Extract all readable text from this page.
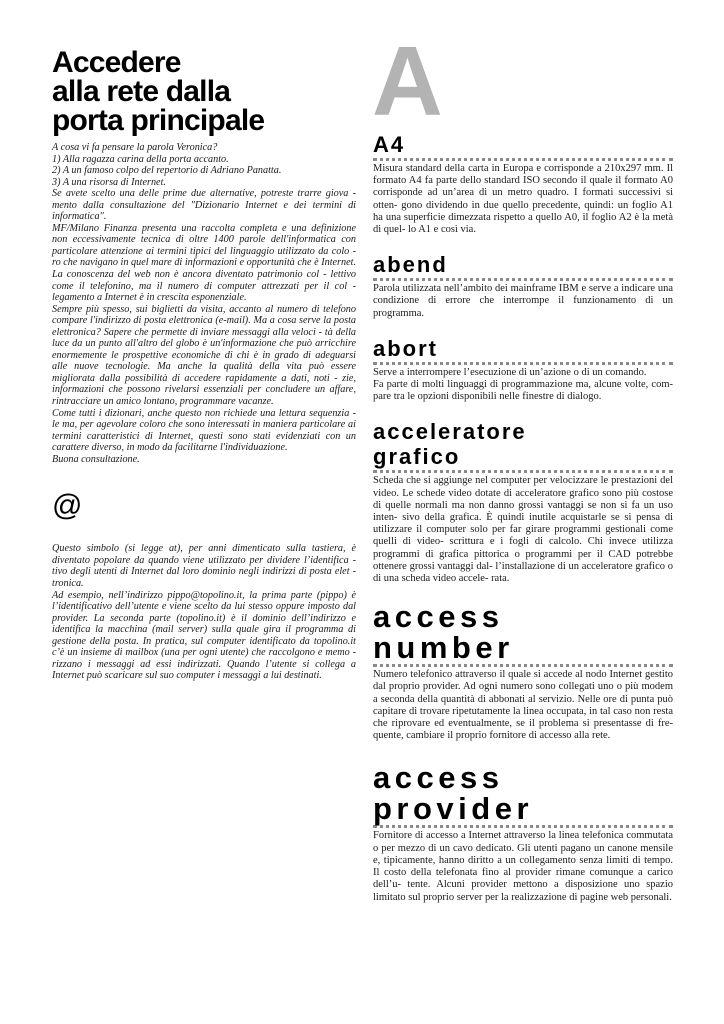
Accedere
alla rete dalla
porta principale
A cosa vi fa pensare la parola Veronica?
1) Alla ragazza carina della porta accanto.
2) A un famoso colpo del repertorio di Adriano Panatta.
3) A una risorsa di Internet.
Se avete scelto una delle prime due alternative, potreste trarre giova - mento dalla consultazione del "Dizionario Internet e dei termini di informatica".
MF/Milano Finanza presenta una raccolta completa e una definizione non eccessivamente tecnica di oltre 1400 parole dell'informatica con particolare attenzione ai termini tipici del linguaggio utilizzato da colo - ro che navigano in quel mare di informazioni e opportunità che è Internet. La conoscenza del web non è ancora diventato patrimonio col - lettivo come il telefonino, ma il numero di computer attrezzati per il col - legamento a Internet è in crescita esponenziale.
Sempre più spesso, sui biglietti da visita, accanto al numero di telefono compare l'indirizzo di posta elettronica (e-mail). Ma a cosa serve la posta elettronica? Sapere che permette di inviare messaggi alla veloci - tà della luce da un punto all'altro del globo è un'informazione che può arricchire enormemente le prospettive economiche di chi è in grado di adeguarsi alle nuove tecnologie. Ma anche la qualità della vita può essere migliorata dalla possibilità di accedere rapidamente a dati, noti - zie, informazioni che possono rivelarsi essenziali per concludere un affare, rintracciare un amico lontano, programmare vacanze.
Come tutti i dizionari, anche questo non richiede una lettura sequenzia - le ma, per agevolare coloro che sono interessati in maniera particolare ai termini caratteristici di Internet, questi sono stati evidenziati con un carattere diverso, in modo da facilitarne l'individuazione.
Buona consultazione.
@
Questo simbolo (si legge at), per anni dimenticato sulla tastiera, è diventato popolare da quando viene utilizzato per dividere l’identifica - tivo degli utenti di Internet dal loro dominio negli indirizzi di posta elet - tronica.
Ad esempio, nell’indirizzo pippo@topolino.it, la prima parte (pippo) è l’identificativo dell’utente e viene scelto da lui stesso oppure imposto dal provider. La seconda parte (topolino.it) è il dominio dell’indirizzo e identifica la macchina (mail server) sulla quale gira il programma di gestione della posta. In pratica, sul computer identificato da topolino.it c’è un insieme di mailbox (una per ogni utente) che raccolgono e memo - rizzano i messaggi ad essi indirizzati. Quando l’utente si collega a Internet può scaricare sul suo computer i messaggi a lui destinati.
A
A4

Misura standard della carta in Europa e corrisponde a 210x297 mm. Il formato A4 fa parte dello standard ISO secondo il quale il formato A0 corrisponde ad un’area di un metro quadro. I formati successivi si otten- gono dividendo in due quello precedente, quindi: un foglio A1 ha una superficie dimezzata rispetto a quello A0, il foglio A2 è la metà di quel- lo A1 e così via.

abend

Parola utilizzata nell’ambito dei mainframe IBM e serve a indicare una condizione di errore che interrompe il funzionamento di un programma.

abort

Serve a interrompere l’esecuzione di un’azione o di un comando.
Fa parte di molti linguaggi di programmazione ma, alcune volte, com- pare tra le opzioni disponibili nelle finestre di dialogo.

acceleratore
grafico

Scheda che si aggiunge nel computer per velocizzare le prestazioni del video. Le schede video dotate di acceleratore grafico sono più costose di quelle normali ma non danno grossi vantaggi se non si fa un uso inten- sivo della grafica. È quindi inutile acquistarle se si pensa di utilizzare il computer solo per far girare programmi gestionali come quelli di video- scrittura e i fogli di calcolo. Chi invece utilizza programmi di grafica pittorica o programmi per il CAD potrebbe ottenere grossi vantaggi dal- l’installazione di un acceleratore grafico o di una scheda video accele- rata.

access
number

Numero telefonico attraverso il quale si accede al nodo Internet gestito dal proprio provider. Ad ogni numero sono collegati uno o più modem a seconda della quantità di abbonati al servizio. Nelle ore di punta può capitare di trovare ripetutamente la linea occupata, in tal caso non resta che riprovare ed eventualmente, se il problema si presentasse di fre- quente, cambiare il proprio fornitore di accesso alla rete.

access
provider

Fornitore di accesso a Internet attraverso la linea telefonica commutata o per mezzo di un cavo dedicato. Gli utenti pagano un canone mensile e, tipicamente, hanno diritto a un collegamento senza limiti di tempo. Il costo della telefonata fino al provider rimane comunque a carico dell’u- tente. Alcuni provider mettono a disposizione uno spazio limitato sul proprio server per la realizzazione di pagine web personali.
